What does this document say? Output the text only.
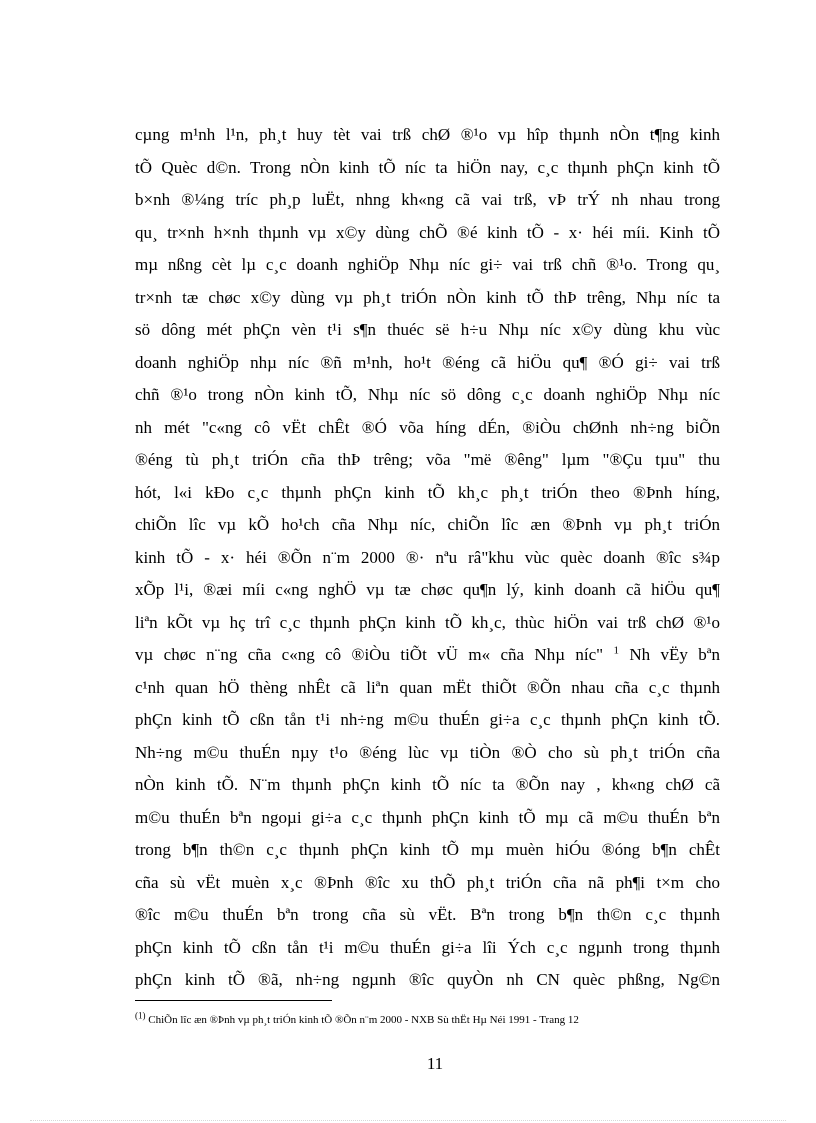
cµng m¹nh l¹n, ph¸t huy tèt vai trß chØ ®¹o vµ hîp thµnh nÒn t¶ng kinh
tÕ Quèc d©n. Trong nÒn kinh tÕ níc ta hiÖn nay, c¸c thµnh phÇn kinh tÕ
b×nh ®¼ng tríc ph¸p luËt, nhng kh«ng cã vai trß, vÞ trÝ nh nhau trong
qu¸ tr×nh h×nh thµnh vµ x©y dùng chÕ ®é kinh tÕ - x· héi míi. Kinh tÕ
mµ nßng cèt lµ c¸c doanh nghiÖp Nhµ níc gi÷ vai trß chñ ®¹o. Trong qu¸
tr×nh tæ chøc x©y dùng vµ ph¸t triÓn nÒn kinh tÕ thÞ trêng, Nhµ níc ta
sö dông mét phÇn vèn t¹i s¶n thuéc së h÷u Nhµ níc x©y dùng khu vùc
doanh nghiÖp nhµ níc ®ñ m¹nh, ho¹t ®éng cã hiÖu qu¶ ®Ó gi÷ vai trß
chñ ®¹o trong nÒn kinh tÕ, Nhµ níc sö dông c¸c doanh nghiÖp Nhµ níc
nh mét "c«ng cô vËt chÊt ®Ó võa híng dÉn, ®iÒu chØnh nh÷ng biÕn
®éng tù ph¸t triÓn cña thÞ trêng; võa "më ®êng" lµm "®Çu tµu" thu
hót, l«i kÐo c¸c thµnh phÇn kinh tÕ kh¸c ph¸t triÓn theo ®Þnh híng,
chiÕn lîc vµ kÕ ho¹ch cña Nhµ níc, chiÕn lîc æn ®Þnh vµ ph¸t triÓn
kinh tÕ - x· héi ®Õn n¨m 2000 ®· nªu râ"khu vùc quèc doanh ®îc s¾p
xÕp l¹i, ®æi míi c«ng nghÖ vµ tæ chøc qu¶n lý, kinh doanh cã hiÖu qu¶
liªn kÕt vµ hç trî c¸c thµnh phÇn kinh tÕ kh¸c, thùc hiÖn vai trß chØ ®¹o
vµ chøc n¨ng cña c«ng cô ®iÒu tiÕt vÜ m« cña Nhµ níc" $^1$ Nh vËy bªn
c¹nh quan hÖ thèng nhÊt cã liªn quan mËt thiÕt ®Õn nhau cña c¸c thµnh
phÇn kinh tÕ cßn tån t¹i nh÷ng m©u thuÉn gi÷a c¸c thµnh phÇn kinh tÕ.
Nh÷ng m©u thuÉn nµy t¹o ®éng lùc vµ tiÒn ®Ò cho sù ph¸t triÓn cña
nÒn kinh tÕ. N¨m thµnh phÇn kinh tÕ níc ta ®Õn nay , kh«ng chØ cã
m©u thuÉn bªn ngoµi gi÷a c¸c thµnh phÇn kinh tÕ mµ cã m©u thuÉn bªn
trong b¶n th©n c¸c thµnh phÇn kinh tÕ mµ muèn hiÓu ®óng b¶n chÊt
cña sù vËt muèn x¸c ®Þnh ®îc xu thÕ ph¸t triÓn cña nã ph¶i t×m cho
®îc m©u thuÉn bªn trong cña sù vËt. Bªn trong b¶n th©n c¸c thµnh
phÇn kinh tÕ cßn tån t¹i m©u thuÉn gi÷a lîi Ých c¸c ngµnh trong thµnh
phÇn kinh tÕ ®ã, nh÷ng ngµnh ®îc quyÒn nh CN quèc phßng, Ng©n
$^{(1)}$ ChiÕn lîc æn ®Þnh vµ ph¸t triÓn kinh tÕ ®Õn n¨m 2000 - NXB Sù thËt Hµ Néi 1991 - Trang 12
11
